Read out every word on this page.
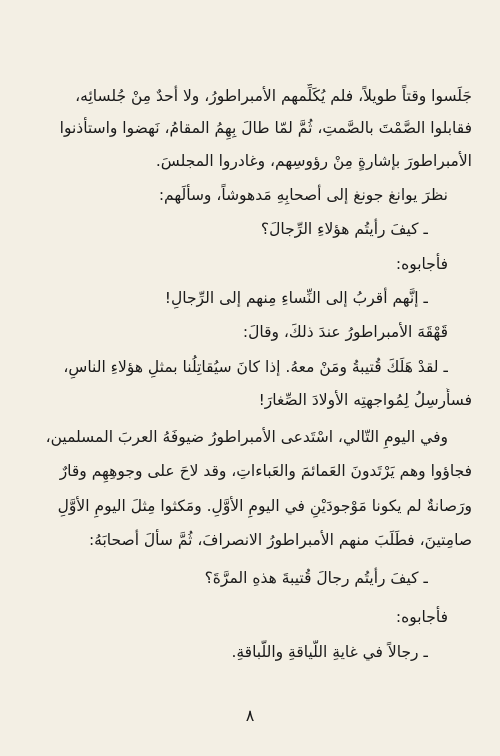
جَلَسوا وقتاً طويلاً، فلم يُكَلِّمهم الأمبراطورُ، ولا أحدٌ مِنْ جُلسائِه،
فقابلوا الصَّمْتَ بالصَّمتِ، ثُمَّ لمّا طالَ بِهِمُ المقامُ، نَهضوا واستأذنوا
الأمبراطورَ بإشارةٍ مِنْ رؤوسِهم، وغادروا المجلسَ.
نظرَ يوانغ جونغ إلى أصحابِهِ مَدهوشاً، وسألَهم:
ـ كيفَ رأيتُم هؤلاءِ الرِّجالَ؟
فأجابوه:
ـ إنَّهم أقربُ إلى النِّساءِ مِنهم إلى الرِّجالِ!
قَهْقَهَ الأمبراطورُ عندَ ذلكَ، وقالَ:
ـ لقدْ هَلَكَ قُتيبةُ ومَنْ معهُ. إذا كانَ سيُقاتِلُنا بمثلِ هؤلاءِ الناسِ،
فسأُرسِلُ لِمُواجهتِه الأولادَ الصِّغارَ!
وفي اليومِ التّالي، اسْتَدعى الأمبراطورُ ضيوفَهُ العربَ المسلمين،
فجاؤوا وهم يَرْتَدونَ العَمائمَ والعَباءاتِ، وقد لاحَ على وجوهِهِم وقارٌ
ورَصانةٌ لم يكونا مَوْجودَيْنِ في اليومِ الأوَّلِ. ومَكثوا مِثلَ اليومِ الأوَّلِ
صامِتينَ، فطَلَبَ منهم الأمبراطورُ الانصرافَ، ثُمَّ سألَ أصحابَهُ:
ـ كيفَ رأيتُم رجالَ قُتيبةَ هذهِ المرَّةَ؟
فأجابوه:
ـ رجالاً في غايةِ اللَّياقةِ واللَّباقةِ.
٨
